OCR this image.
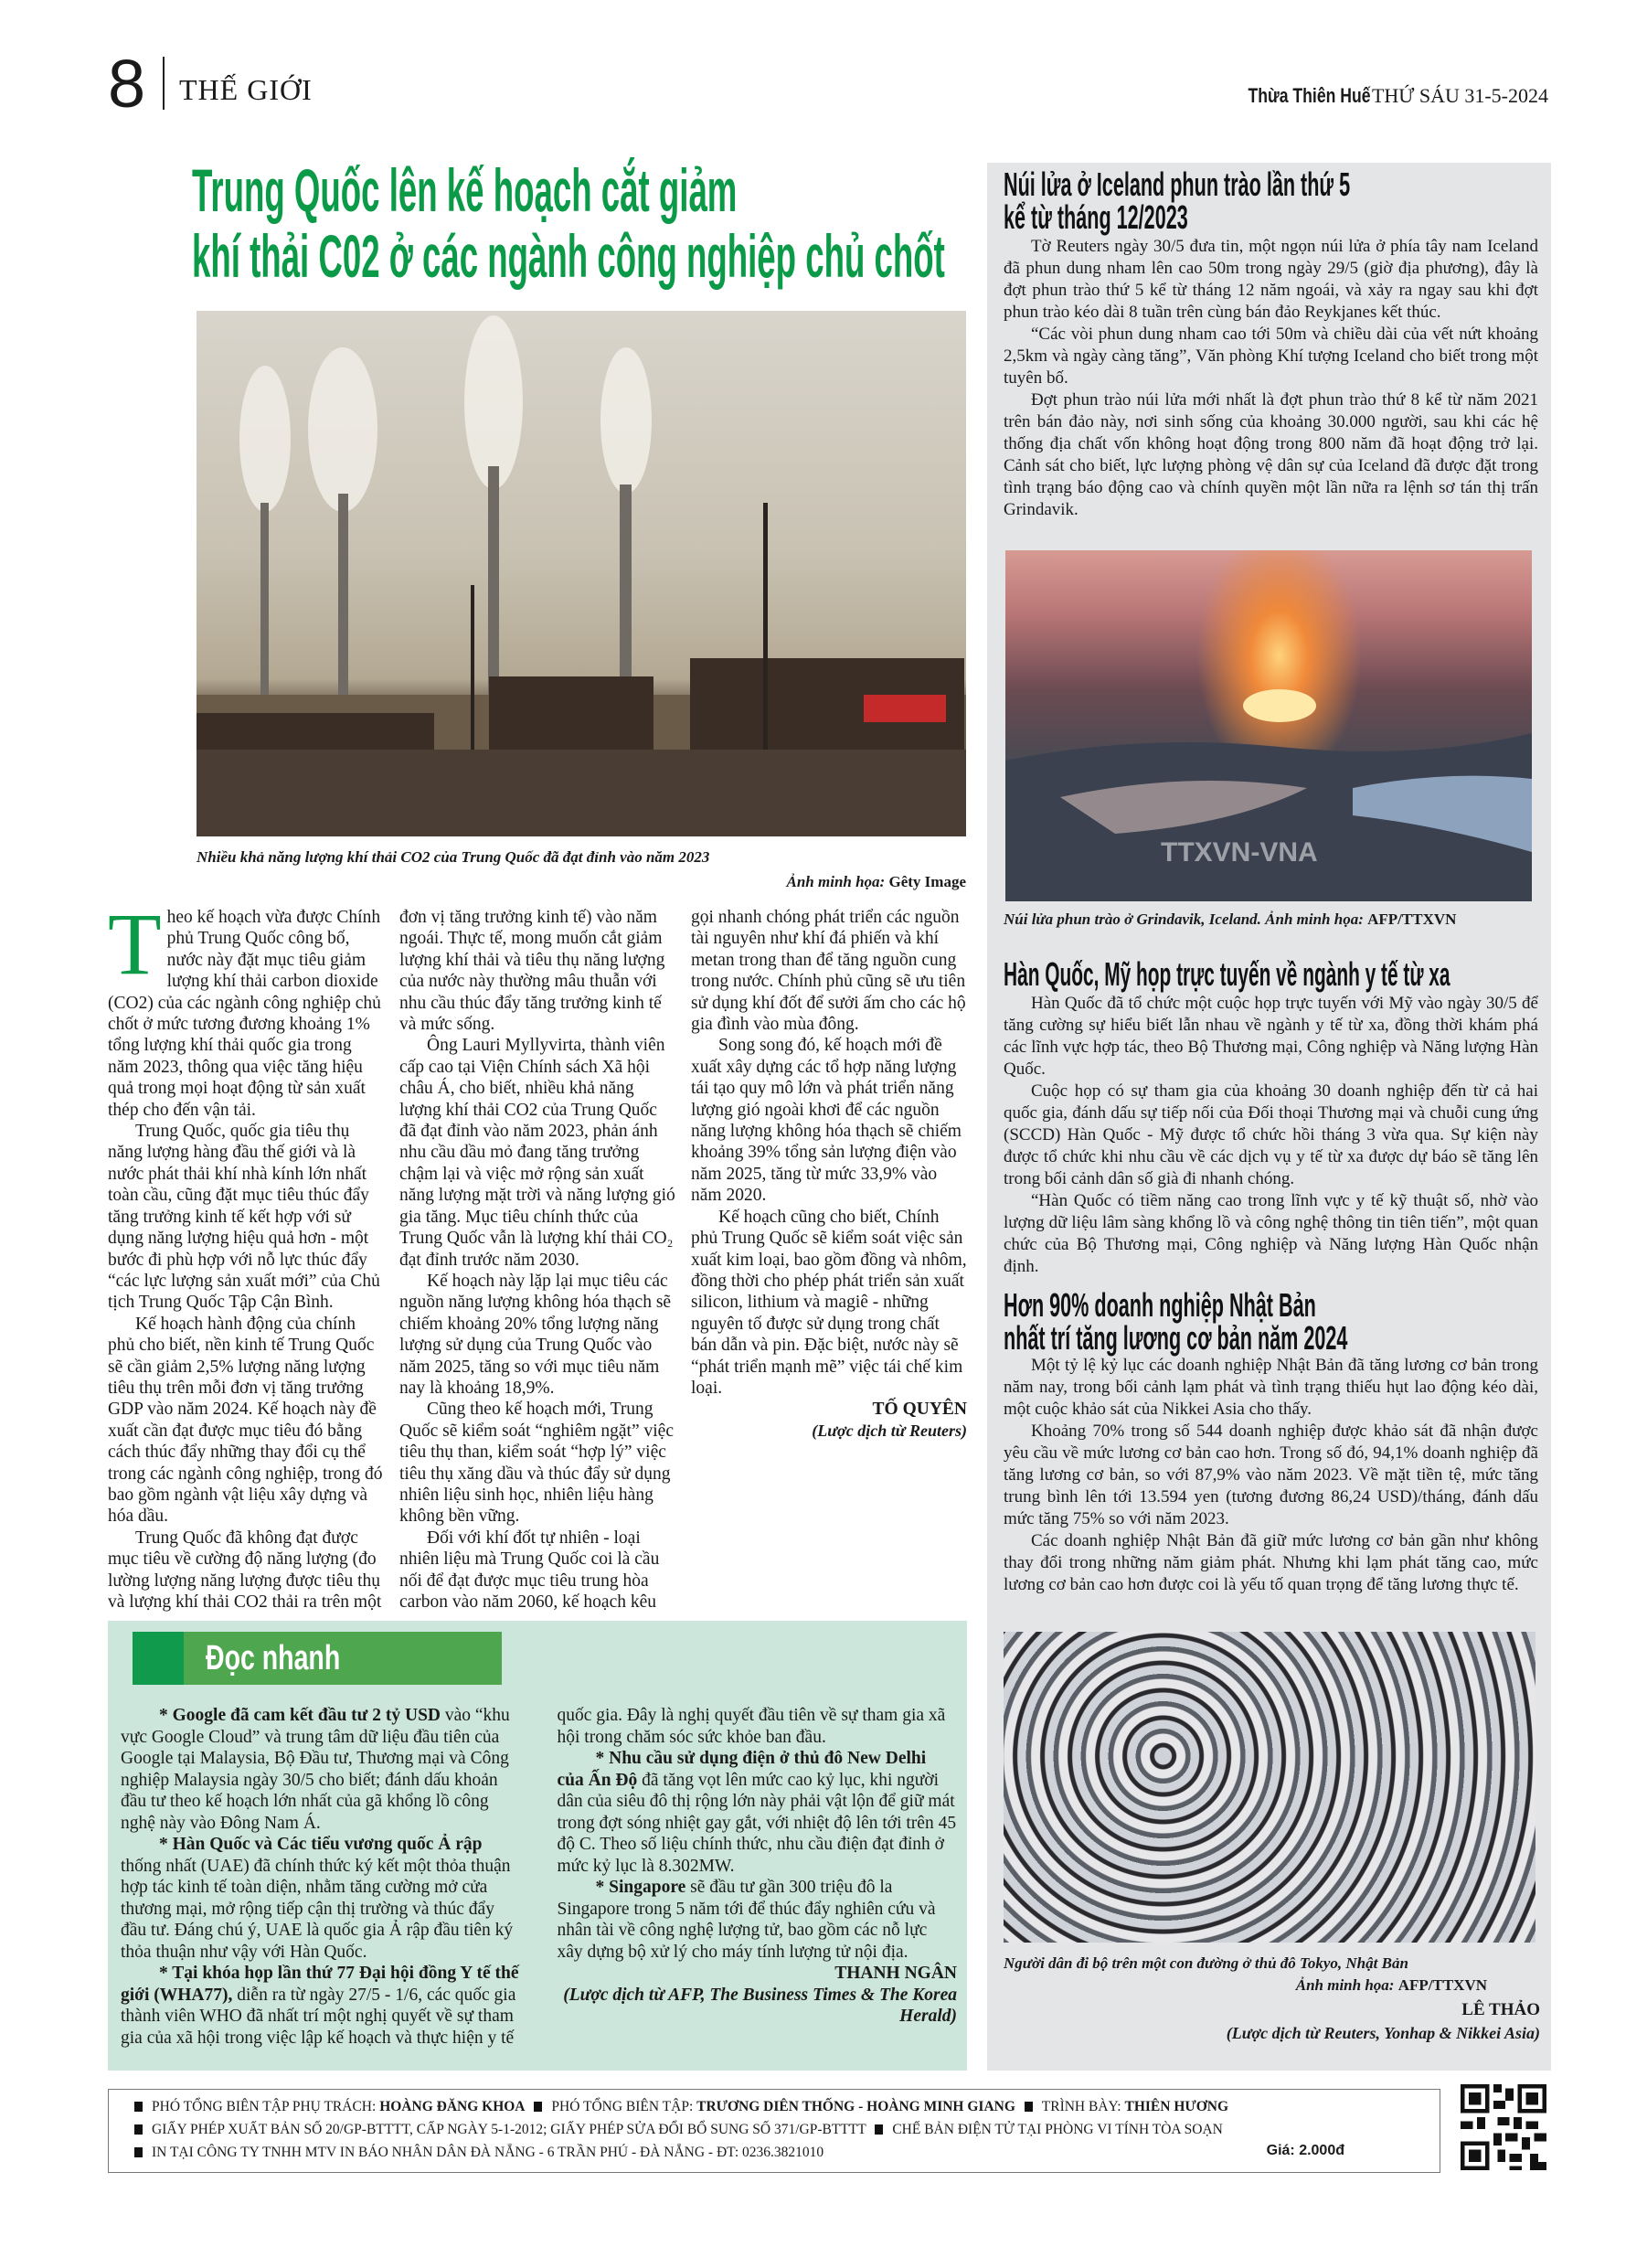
8 THẾ GIỚI	Thừa Thiên Huế THỨ SÁU 31-5-2024
Trung Quốc lên kế hoạch cắt giảm
khí thải C02 ở các ngành công nghiệp chủ chốt
Nhiều khả năng lượng khí thải CO2 của Trung Quốc đã đạt đỉnh vào năm 2023
Ảnh minh họa: Gêty Image

Theo kế hoạch vừa được Chính phủ Trung Quốc công bố, nước này đặt mục tiêu giảm lượng khí thải carbon dioxide (CO2) của các ngành công nghiệp chủ chốt ở mức tương đương khoảng 1% tổng lượng khí thải quốc gia trong năm 2023, thông qua việc tăng hiệu quả trong mọi hoạt động từ sản xuất thép cho đến vận tải.

Trung Quốc, quốc gia tiêu thụ năng lượng hàng đầu thế giới và là nước phát thải khí nhà kính lớn nhất toàn cầu, cũng đặt mục tiêu thúc đẩy tăng trưởng kinh tế kết hợp với sử dụng năng lượng hiệu quả hơn - một bước đi phù hợp với nỗ lực thúc đẩy “các lực lượng sản xuất mới” của Chủ tịch Trung Quốc Tập Cận Bình.

Kế hoạch hành động của chính phủ cho biết, nền kinh tế Trung Quốc sẽ cần giảm 2,5% lượng năng lượng tiêu thụ trên mỗi đơn vị tăng trưởng GDP vào năm 2024. Kế hoạch này đề xuất cần đạt được mục tiêu đó bằng cách thúc đẩy những thay đổi cụ thể trong các ngành công nghiệp, trong đó bao gồm ngành vật liệu xây dựng và hóa dầu.

Trung Quốc đã không đạt được mục tiêu về cường độ năng lượng (đo lường lượng năng lượng được tiêu thụ và lượng khí thải CO2 thải ra trên một đơn vị tăng trưởng kinh tế) vào năm ngoái. Thực tế, mong muốn cắt giảm lượng khí thải và tiêu thụ năng lượng của nước này thường mâu thuẫn với nhu cầu thúc đẩy tăng trưởng kinh tế và mức sống.

Ông Lauri Myllyvirta, thành viên cấp cao tại Viện Chính sách Xã hội châu Á, cho biết, nhiều khả năng lượng khí thải CO2 của Trung Quốc đã đạt đỉnh vào năm 2023, phản ánh nhu cầu dầu mỏ đang tăng trưởng chậm lại và việc mở rộng sản xuất năng lượng mặt trời và năng lượng gió gia tăng. Mục tiêu chính thức của Trung Quốc vẫn là lượng khí thải CO₂ đạt đỉnh trước năm 2030.

Kế hoạch này lặp lại mục tiêu các nguồn năng lượng không hóa thạch sẽ chiếm khoảng 20% tổng lượng năng lượng sử dụng của Trung Quốc vào năm 2025, tăng so với mục tiêu năm nay là khoảng 18,9%.

Cũng theo kế hoạch mới, Trung Quốc sẽ kiểm soát “nghiêm ngặt” việc tiêu thụ than, kiểm soát “hợp lý” việc tiêu thụ xăng dầu và thúc đẩy sử dụng nhiên liệu sinh học, nhiên liệu hàng không bền vững.

Đối với khí đốt tự nhiên - loại nhiên liệu mà Trung Quốc coi là cầu nối để đạt được mục tiêu trung hòa carbon vào năm 2060, kế hoạch kêu gọi nhanh chóng phát triển các nguồn tài nguyên như khí đá phiến và khí metan trong than để tăng nguồn cung trong nước. Chính phủ cũng sẽ ưu tiên sử dụng khí đốt để sưởi ấm cho các hộ gia đình vào mùa đông.

Song song đó, kế hoạch mới đề xuất xây dựng các tổ hợp năng lượng tái tạo quy mô lớn và phát triển năng lượng gió ngoài khơi để các nguồn năng lượng không hóa thạch sẽ chiếm khoảng 39% tổng sản lượng điện vào năm 2025, tăng từ mức 33,9% vào năm 2020.

Kế hoạch cũng cho biết, Chính phủ Trung Quốc sẽ kiểm soát việc sản xuất kim loại, bao gồm đồng và nhôm, đồng thời cho phép phát triển sản xuất silicon, lithium và magiê - những nguyên tố được sử dụng trong chất bán dẫn và pin. Đặc biệt, nước này sẽ “phát triển mạnh mẽ” việc tái chế kim loại.

TỐ QUYÊN

(Lược dịch từ Reuters)

Đọc nhanh

* Google đã cam kết đầu tư 2 tỷ USD vào “khu vực Google Cloud” và trung tâm dữ liệu đầu tiên của Google tại Malaysia, Bộ Đầu tư, Thương mại và Công nghiệp Malaysia ngày 30/5 cho biết; đánh dấu khoản đầu tư theo kế hoạch lớn nhất của gã khổng lồ công nghệ này vào Đông Nam Á.

* Hàn Quốc và Các tiểu vương quốc Ả rập thống nhất (UAE) đã chính thức ký kết một thỏa thuận hợp tác kinh tế toàn diện, nhằm tăng cường mở cửa thương mại, mở rộng tiếp cận thị trường và thúc đẩy đầu tư. Đáng chú ý, UAE là quốc gia Ả rập đầu tiên ký thỏa thuận như vậy với Hàn Quốc.

* Tại khóa họp lần thứ 77 Đại hội đồng Y tế thế giới (WHA77), diễn ra từ ngày 27/5 - 1/6, các quốc gia thành viên WHO đã nhất trí một nghị quyết về sự tham gia của xã hội trong việc lập kế hoạch và thực hiện y tế quốc gia. Đây là nghị quyết đầu tiên về sự tham gia xã hội trong chăm sóc sức khỏe ban đầu.

* Nhu cầu sử dụng điện ở thủ đô New Delhi của Ấn Độ đã tăng vọt lên mức cao kỷ lục, khi người dân của siêu đô thị rộng lớn này phải vật lộn để giữ mát trong đợt sóng nhiệt gay gắt, với nhiệt độ lên tới trên 45 độ C. Theo số liệu chính thức, nhu cầu điện đạt đỉnh ở mức kỷ lục là 8.302MW.

* Singapore sẽ đầu tư gần 300 triệu đô la Singapore trong 5 năm tới để thúc đẩy nghiên cứu và nhân tài về công nghệ lượng tử, bao gồm các nỗ lực xây dựng bộ xử lý cho máy tính lượng tử nội địa.

THANH NGÂN

(Lược dịch từ AFP, The Business Times & The Korea Herald)

Núi lửa ở Iceland phun trào lần thứ 5
kể từ tháng 12/2023

Tờ Reuters ngày 30/5 đưa tin, một ngọn núi lửa ở phía tây nam Iceland đã phun dung nham lên cao 50m trong ngày 29/5 (giờ địa phương), đây là đợt phun trào thứ 5 kể từ tháng 12 năm ngoái, và xảy ra ngay sau khi đợt phun trào kéo dài 8 tuần trên cùng bán đảo Reykjanes kết thúc.

“Các vòi phun dung nham cao tới 50m và chiều dài của vết nứt khoảng 2,5km và ngày càng tăng”, Văn phòng Khí tượng Iceland cho biết trong một tuyên bố.

Đợt phun trào núi lửa mới nhất là đợt phun trào thứ 8 kể từ năm 2021 trên bán đảo này, nơi sinh sống của khoảng 30.000 người, sau khi các hệ thống địa chất vốn không hoạt động trong 800 năm đã hoạt động trở lại. Cảnh sát cho biết, lực lượng phòng vệ dân sự của Iceland đã được đặt trong tình trạng báo động cao và chính quyền một lần nữa ra lệnh sơ tán thị trấn Grindavik.

TTXVN-VNA
Núi lửa phun trào ở Grindavik, Iceland. Ảnh minh họa: AFP/TTXVN
Hàn Quốc, Mỹ họp trực tuyến về ngành y tế từ xa

Hàn Quốc đã tổ chức một cuộc họp trực tuyến với Mỹ vào ngày 30/5 để tăng cường sự hiểu biết lẫn nhau về ngành y tế từ xa, đồng thời khám phá các lĩnh vực hợp tác, theo Bộ Thương mại, Công nghiệp và Năng lượng Hàn Quốc.

Cuộc họp có sự tham gia của khoảng 30 doanh nghiệp đến từ cả hai quốc gia, đánh dấu sự tiếp nối của Đối thoại Thương mại và chuỗi cung ứng (SCCD) Hàn Quốc - Mỹ được tổ chức hồi tháng 3 vừa qua. Sự kiện này được tổ chức khi nhu cầu về các dịch vụ y tế từ xa được dự báo sẽ tăng lên trong bối cảnh dân số già đi nhanh chóng.

“Hàn Quốc có tiềm năng cao trong lĩnh vực y tế kỹ thuật số, nhờ vào lượng dữ liệu lâm sàng khổng lồ và công nghệ thông tin tiên tiến”, một quan chức của Bộ Thương mại, Công nghiệp và Năng lượng Hàn Quốc nhận định.

Hơn 90% doanh nghiệp Nhật Bản
nhất trí tăng lương cơ bản năm 2024

Một tỷ lệ kỷ lục các doanh nghiệp Nhật Bản đã tăng lương cơ bản trong năm nay, trong bối cảnh lạm phát và tình trạng thiếu hụt lao động kéo dài, một cuộc khảo sát của Nikkei Asia cho thấy.

Khoảng 70% trong số 544 doanh nghiệp được khảo sát đã nhận được yêu cầu về mức lương cơ bản cao hơn. Trong số đó, 94,1% doanh nghiệp đã tăng lương cơ bản, so với 87,9% vào năm 2023. Về mặt tiền tệ, mức tăng trung bình lên tới 13.594 yen (tương đương 86,24 USD)/tháng, đánh dấu mức tăng 75% so với năm 2023.

Các doanh nghiệp Nhật Bản đã giữ mức lương cơ bản gần như không thay đổi trong những năm giảm phát. Nhưng khi lạm phát tăng cao, mức lương cơ bản cao hơn được coi là yếu tố quan trọng để tăng lương thực tế.

Người dân đi bộ trên một con đường ở thủ đô Tokyo, Nhật Bản
Ảnh minh họa: AFP/TTXVN
LÊ THẢO
(Lược dịch từ Reuters, Yonhap & Nikkei Asia)
PHÓ TỔNG BIÊN TẬP PHỤ TRÁCH: HOÀNG ĐĂNG KHOA PHÓ TỔNG BIÊN TẬP: TRƯƠNG DIÊN THỐNG - HOÀNG MINH GIANG TRÌNH BÀY: THIÊN HƯƠNG
GIẤY PHÉP XUẤT BẢN SỐ 20/GP-BTTTT, CẤP NGÀY 5-1-2012; GIẤY PHÉP SỬA ĐỔI BỔ SUNG SỐ 371/GP-BTTTT CHẾ BẢN ĐIỆN TỬ TẠI PHÒNG VI TÍNH TÒA SOẠN
IN TẠI CÔNG TY TNHH MTV IN BÁO NHÂN DÂN ĐÀ NẴNG - 6 TRẦN PHÚ - ĐÀ NẴNG - ĐT: 0236.3821010	Giá: 2.000đ
